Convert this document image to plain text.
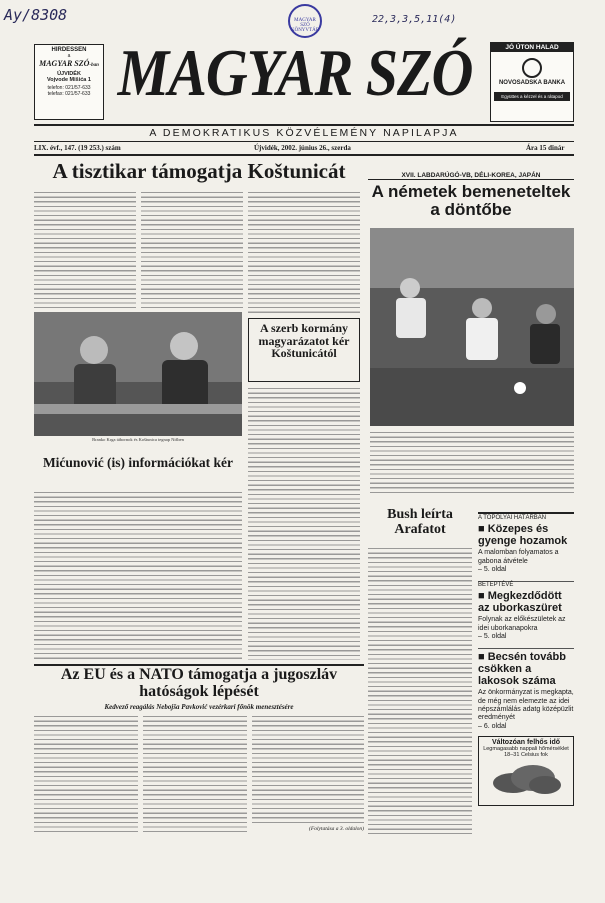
Ay/8308	MAGYAR SZÓ KÖNYVTÁR
22,3,3,5,11(4)
HIRDESSEN
a
MAGYAR SZÓ-ban
ÚJVIDÉK
Vojvode Mišića 1
telefon: 021/57-633
telefax: 021/57-633 MAGYAR SZÓ	JÓ ÚTON HALAD
NOVOSADSKA BANKA
Együttes a kézzel és a rátapod
A DEMOKRATIKUS KÖZVÉLEMÉNY NAPILAPJA
LIX. évf., 147. (19 253.) szám	Újvidék, 2002. június 26., szerda	Ára 15 dinár
A tisztikar támogatja Koštunicát
Branko Krga tábornok és Koštunica tegnap Nišben
Mićunović (is) információkat kér
A szerb kormány magyarázatot kér Koštunicától
XVII. LABDARÚGÓ-VB, DÉLI-KOREA, JAPÁN
A németek bemeneteltek a döntőbe
Bush leírta Arafatot
A TOPOLYAI HATÁRBAN
■ Közepes és gyenge hozamok
A malomban folyamatos a gabona átvétele
– 5. oldal
BETEPTÉVÉ
■ Megkezdődött az uborkaszüret
Folynak az előkészületek az idei uborkanapokra
– 5. oldal
■ Becsén tovább csökken a lakosok száma
Az önkormányzat is megkapta, de még nem elemezte az idei népszámlálás adatg középüzlit eredményét
– 6. oldal
Változóan felhős idő
Legmagasabb nappali hőmérséklet 18–31 Celsius fok
Az EU és a NATO támogatja a jugoszláv hatóságok lépését
Kedvező reagálás Nebojša Pavković vezérkari főnök menesztésére
(Folytatása a 3. oldalon)
